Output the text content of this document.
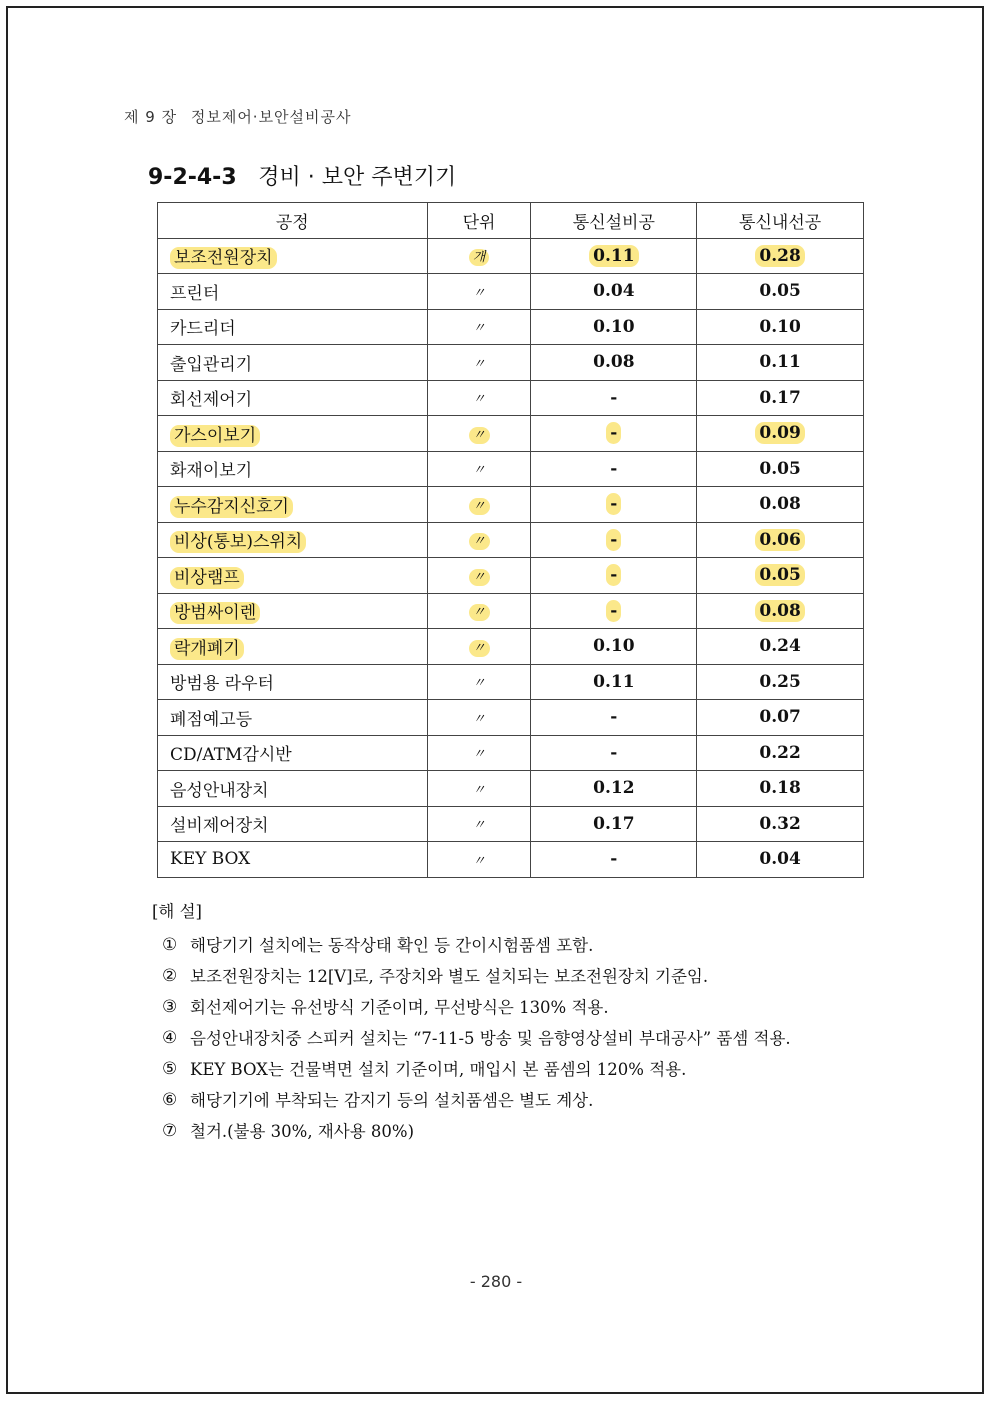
제 9 장 정보제어·보안설비공사
9-2-4-3 경비 · 보안 주변기기
공정	단위	통신설비공	통신내선공
보조전원장치	개	0.11	0.28
프린터	〃	0.04	0.05
카드리더	〃	0.10	0.10
출입관리기	〃	0.08	0.11
회선제어기	〃	-	0.17
가스이보기	〃	-	0.09
화재이보기	〃	-	0.05
누수감지신호기	〃	-	0.08
비상(통보)스위치	〃	-	0.06
비상램프	〃	-	0.05
방범싸이렌	〃	-	0.08
락개폐기	〃	0.10	0.24
방범용 라우터	〃	0.11	0.25
폐점예고등	〃	-	0.07
CD/ATM감시반	〃	-	0.22
음성안내장치	〃	0.12	0.18
설비제어장치	〃	0.17	0.32
KEY BOX	〃	-	0.04
[해 설]
① 해당기기 설치에는 동작상태 확인 등 간이시험품셈 포함.
② 보조전원장치는 12[V]로, 주장치와 별도 설치되는 보조전원장치 기준임.
③ 회선제어기는 유선방식 기준이며, 무선방식은 130% 적용.
④ 음성안내장치중 스피커 설치는 “7-11-5 방송 및 음향영상설비 부대공사” 품셈 적용.
⑤ KEY BOX는 건물벽면 설치 기준이며, 매입시 본 품셈의 120% 적용.
⑥ 해당기기에 부착되는 감지기 등의 설치품셈은 별도 계상.
⑦ 철거.(불용 30%, 재사용 80%)
- 280 -
